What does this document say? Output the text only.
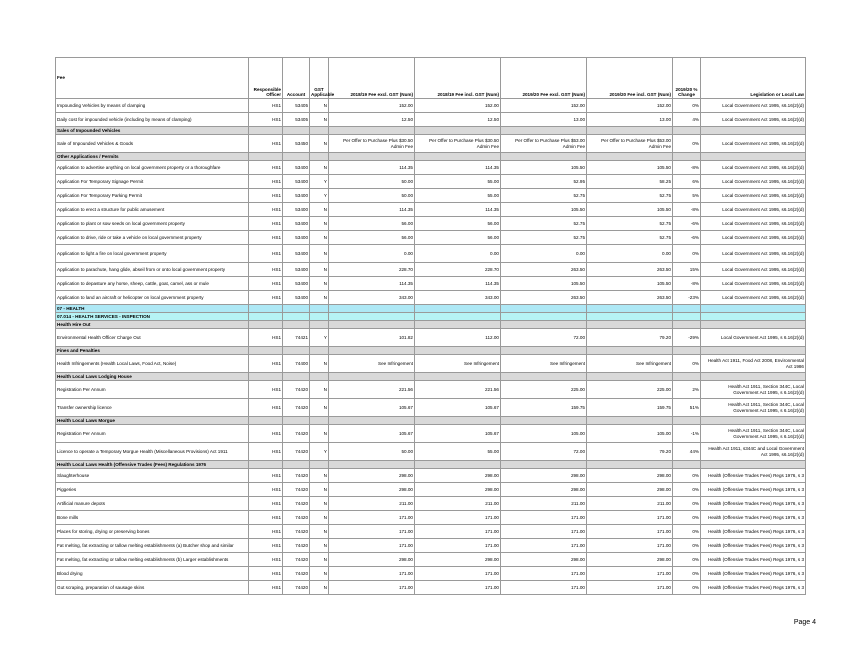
Fee	Responsible Officer	Account	GST Applicable	2018/19 Fee excl. GST (Num)	2018/19 Fee incl. GST (Num)	2019/20 Fee excl. GST (Num)	2019/20 Fee incl. GST (Num)	2019/20 % Change	Legislation or Local Law
Impounding Vehicles by means of clamping	HS1	53405	N	152.00	152.00	152.00	152.00	0%	Local Government Act 1995, s6.16(2)(d)
Daily cost for impounded vehicle (including by means of clamping)	HS1	53405	N	12.50	12.50	13.00	13.00	4%	Local Government Act 1995, s6.16(2)(d)
Sales of Impounded Vehicles									
Sale of Impounded Vehicles & Goods	HS1	53450	N	Per Offer to Purchase Plus $30.50 Admin Fee	Per Offer to Purchase Plus $30.50 Admin Fee	Per Offer to Purchase Plus $53.00 Admin Fee	Per Offer to Purchase Plus $53.00 Admin Fee	0%	Local Government Act 1995, s6.16(2)(d)
Other Applications / Permits									
Application to advertise anything on local government property or a thoroughfare	HS1	53400	N	114.35	114.35	105.50	105.50	-8%	Local Government Act 1995, s6.16(2)(d)
Application For Temporary Signage Permit	HS1	53400	Y	50.00	55.00	52.95	58.25	6%	Local Government Act 1995, s6.16(2)(d)
Application For Temporary Parking Permit	HS1	53400	Y	50.00	55.00	52.75	52.75	5%	Local Government Act 1995, s6.16(2)(d)
Application to erect a structure for public amusement	HS1	53400	N	114.35	114.35	105.50	105.50	-8%	Local Government Act 1995, s6.16(2)(d)
Application to plant or sow seeds on local government property	HS1	53400	N	56.00	56.00	52.75	52.75	-6%	Local Government Act 1995, s6.16(2)(d)
Application to drive, ride or take a vehicle on local government property	HS1	53400	N	56.00	56.00	52.75	52.75	-6%	Local Government Act 1995, s6.16(2)(d)
Application to light a fire on local government property	HS1	53400	N	0.00	0.00	0.00	0.00	0%	Local Government Act 1995, s6.16(2)(d)
Application to parachute, hang glide, abseil from or onto local government property	HS1	53400	N	228.70	228.70	263.50	263.50	15%	Local Government Act 1995, s6.16(2)(d)
Application to depasture any horse, sheep, cattle, goat, camel, ass or mule	HS1	53400	N	114.35	114.35	105.50	105.50	-8%	Local Government Act 1995, s6.16(2)(d)
Application to land an aircraft or helicopter on local government property	HS1	53400	N	343.00	343.00	263.50	263.50	-23%	Local Government Act 1995, s6.16(2)(d)
07 - HEALTH									
07.014 - HEALTH SERVICES - INSPECTION									
Health Hire Out									
Environmental Health Officer Charge Out	HS1	74421	Y	101.82	112.00	72.00	79.20	-29%	Local Government Act 1995, s 6.16(2)(d)
Fines and Penalties									
Health Infringements (Health Local Laws, Food Act, Noise)	HS1	74400	N	See Infringement	See Infringement	See Infringement	See Infringement	0%	Health Act 1911, Food Act 2008, Environmental Act 1986
Health Local Laws Lodging House									
Registration Per Annum	HS1	74420	N	221.56	221.56	225.00	225.00	2%	Health Act 1911, Section 344C, Local Government Act 1995, s 6.16(2)(d)
Transfer ownership licence	HS1	74420	N	105.67	105.67	159.75	159.75	51%	Health Act 1911, Section 344C, Local Government Act 1995, s 6.16(2)(d)
Health Local Laws Morgue									
Registration Per Annum	HS1	74420	N	105.67	105.67	105.00	105.00	-1%	Health Act 1911, Section 344C, Local Government Act 1995, s 6.16(2)(d)
Licence to operate a Temporary Morgue Health (Miscellaneous Provisions) Act 1911	HS1	74420	Y	50.00	55.00	72.00	79.20	44%	Health Act 1911, s344C and Local Government Act 1995, s6.16(2)(d)
Health Local Laws Health (Offensive Trades (Fees) Regulations 1976									
Slaughterhouse	HS1	74420	N	298.00	298.00	298.00	298.00	0%	Health (Offensive Trades Fees) Regs 1976, s 3
Piggeries	HS1	74420	N	298.00	298.00	298.00	298.00	0%	Health (Offensive Trades Fees) Regs 1976, s 3
Artificial manure depots	HS1	74420	N	211.00	211.00	211.00	211.00	0%	Health (Offensive Trades Fees) Regs 1976, s 3
Bone mills	HS1	74420	N	171.00	171.00	171.00	171.00	0%	Health (Offensive Trades Fees) Regs 1976, s 3
Places for storing, drying or preserving bones	HS1	74420	N	171.00	171.00	171.00	171.00	0%	Health (Offensive Trades Fees) Regs 1976, s 3
Fat melting, fat extracting or tallow melting establishments (a) Butcher shop and similar	HS1	74420	N	171.00	171.00	171.00	171.00	0%	Health (Offensive Trades Fees) Regs 1976, s 3
Fat melting, fat extracting or tallow melting establishments (b) Larger establishments	HS1	74420	N	298.00	298.00	298.00	298.00	0%	Health (Offensive Trades Fees) Regs 1976, s 3
Blood drying	HS1	74420	N	171.00	171.00	171.00	171.00	0%	Health (Offensive Trades Fees) Regs 1976, s 3
Gut scraping, preparation of sausage skins	HS1	74420	N	171.00	171.00	171.00	171.00	0%	Health (Offensive Trades Fees) Regs 1976, s 3
Page 4
